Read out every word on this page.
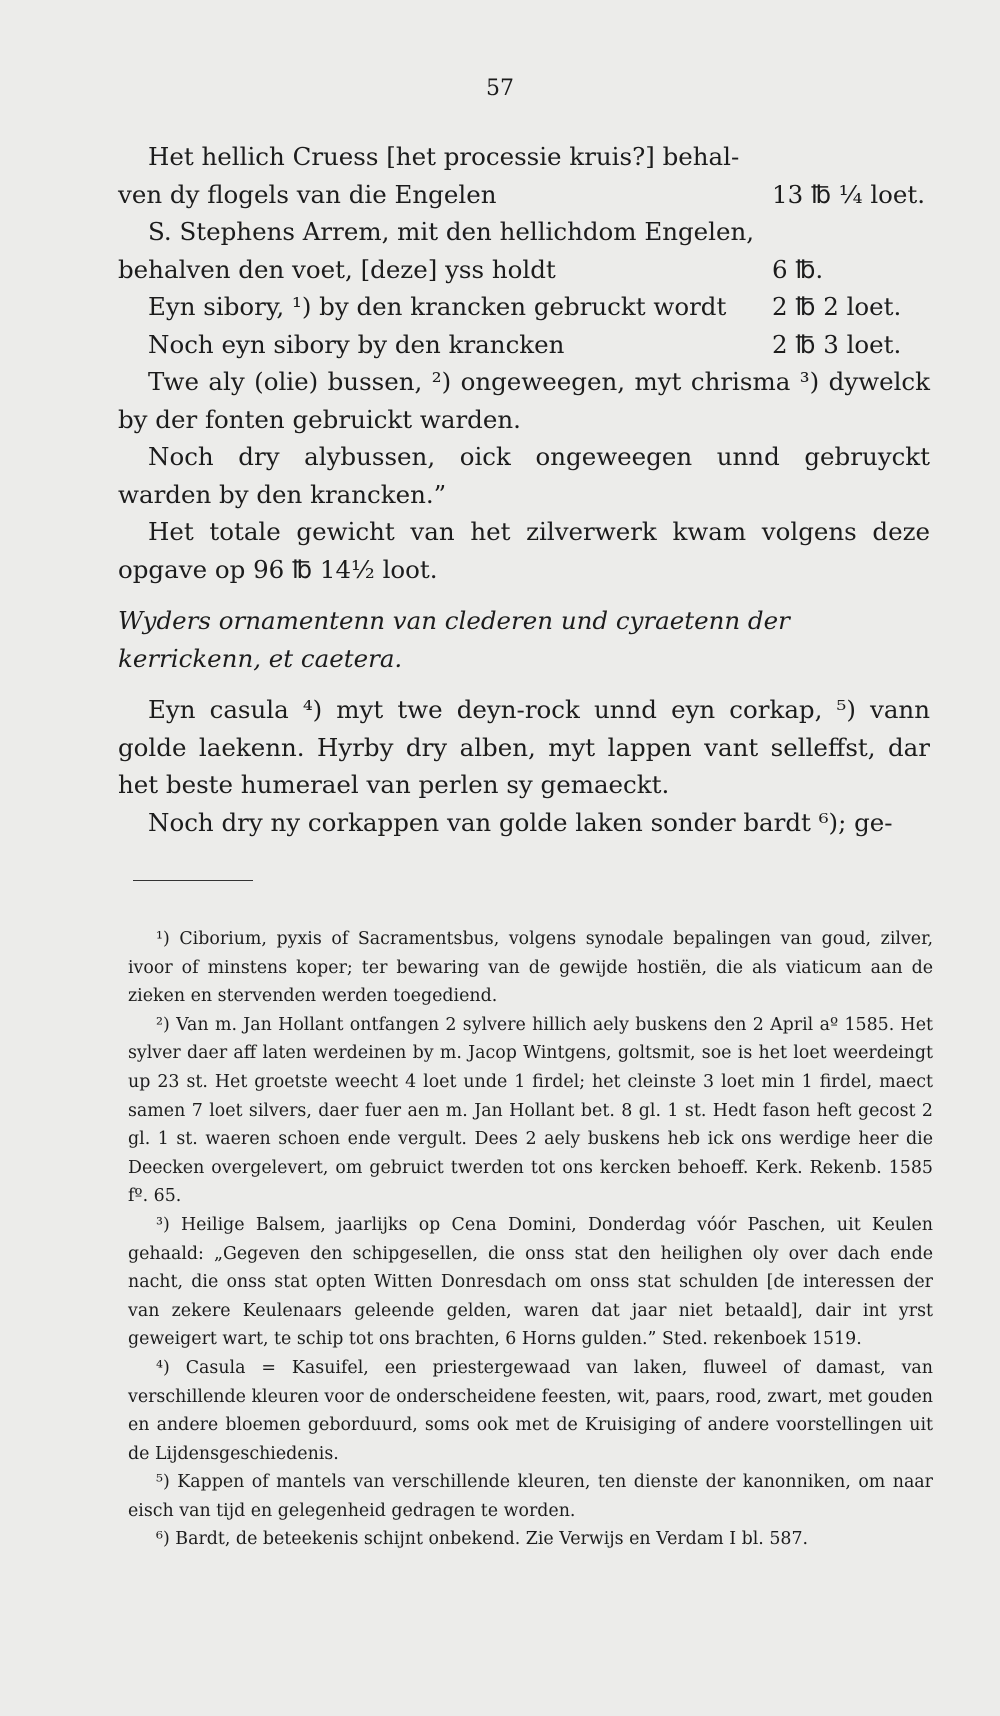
57
Het hellich Cruess [het processie kruis?] behal-
ven dy flogels van die Engelen	13 ℔ ¼ loet.
S. Stephens Arrem, mit den hellichdom Engelen,
behalven den voet, [deze] yss holdt	6 ℔.
Eyn sibory, ¹) by den krancken gebruckt wordt	2 ℔ 2 loet.
Noch eyn sibory by den krancken	2 ℔ 3 loet.

Twe aly (olie) bussen, ²) ongeweegen, myt chrisma ³) dywelck by der fonten gebruickt warden.

Noch dry alybussen, oick ongeweegen unnd gebruyckt warden by den krancken.”

Het totale gewicht van het zilverwerk kwam volgens deze opgave op 96 ℔ 14½ loot.

Wyders ornamentenn van clederen und cyraetenn der
kerrickenn, et caetera.

Eyn casula ⁴) myt twe deyn-rock unnd eyn corkap, ⁵) vann golde laekenn. Hyrby dry alben, myt lappen vant selleffst, dar het beste humerael van perlen sy gemaeckt.

Noch dry ny corkappen van golde laken sonder bardt ⁶); ge-

¹) Ciborium, pyxis of Sacramentsbus, volgens synodale bepalingen van goud, zilver, ivoor of minstens koper; ter bewaring van de gewijde hostiën, die als viaticum aan de zieken en stervenden werden toegediend.

²) Van m. Jan Hollant ontfangen 2 sylvere hillich aely buskens den 2 April aº 1585. Het sylver daer aff laten werdeinen by m. Jacop Wintgens, goltsmit, soe is het loet weerdeingt up 23 st. Het groetste weecht 4 loet unde 1 firdel; het cleinste 3 loet min 1 firdel, maect samen 7 loet silvers, daer fuer aen m. Jan Hollant bet. 8 gl. 1 st. Hedt fason heft gecost 2 gl. 1 st. waeren schoen ende vergult. Dees 2 aely buskens heb ick ons werdige heer die Deecken overgelevert, om gebruict twerden tot ons kercken behoeff. Kerk. Rekenb. 1585 fº. 65.

³) Heilige Balsem, jaarlijks op Cena Domini, Donderdag vóór Paschen, uit Keulen gehaald: „Gegeven den schipgesellen, die onss stat den heilighen oly over dach ende nacht, die onss stat opten Witten Donresdach om onss stat schulden [de interessen der van zekere Keulenaars geleende gelden, waren dat jaar niet betaald], dair int yrst geweigert wart, te schip tot ons brachten, 6 Horns gulden.” Sted. rekenboek 1519.

⁴) Casula = Kasuifel, een priestergewaad van laken, fluweel of damast, van verschillende kleuren voor de onderscheidene feesten, wit, paars, rood, zwart, met gouden en andere bloemen geborduurd, soms ook met de Kruisiging of andere voorstellingen uit de Lijdensgeschiedenis.

⁵) Kappen of mantels van verschillende kleuren, ten dienste der kanonniken, om naar eisch van tijd en gelegenheid gedragen te worden.

⁶) Bardt, de beteekenis schijnt onbekend. Zie Verwijs en Verdam I bl. 587.
